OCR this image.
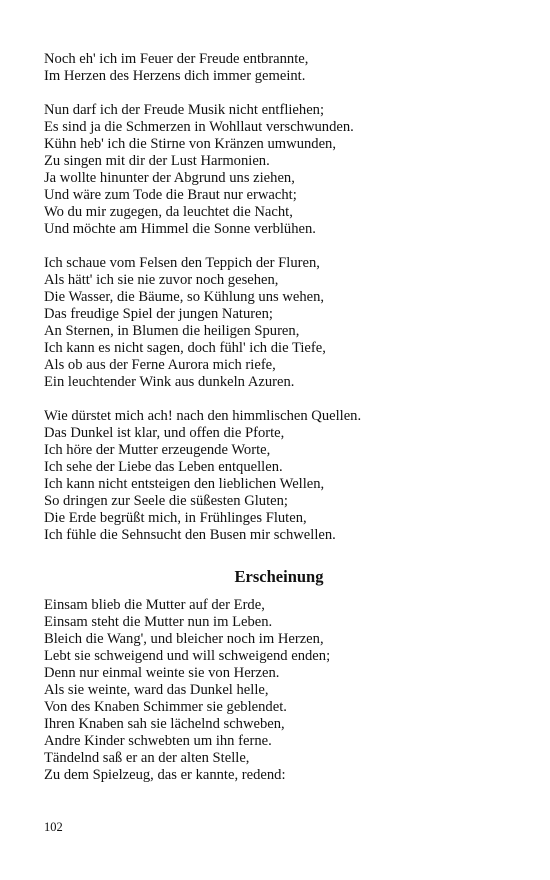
Noch eh' ich im Feuer der Freude entbrannte,
Im Herzen des Herzens dich immer gemeint.
Nun darf ich der Freude Musik nicht entfliehen;
Es sind ja die Schmerzen in Wohllaut verschwunden.
Kühn heb' ich die Stirne von Kränzen umwunden,
Zu singen mit dir der Lust Harmonien.
Ja wollte hinunter der Abgrund uns ziehen,
Und wäre zum Tode die Braut nur erwacht;
Wo du mir zugegen, da leuchtet die Nacht,
Und möchte am Himmel die Sonne verblühen.
Ich schaue vom Felsen den Teppich der Fluren,
Als hätt' ich sie nie zuvor noch gesehen,
Die Wasser, die Bäume, so Kühlung uns wehen,
Das freudige Spiel der jungen Naturen;
An Sternen, in Blumen die heiligen Spuren,
Ich kann es nicht sagen, doch fühl' ich die Tiefe,
Als ob aus der Ferne Aurora mich riefe,
Ein leuchtender Wink aus dunkeln Azuren.
Wie dürstet mich ach! nach den himmlischen Quellen.
Das Dunkel ist klar, und offen die Pforte,
Ich höre der Mutter erzeugende Worte,
Ich sehe der Liebe das Leben entquellen.
Ich kann nicht entsteigen den lieblichen Wellen,
So dringen zur Seele die süßesten Gluten;
Die Erde begrüßt mich, in Frühlinges Fluten,
Ich fühle die Sehnsucht den Busen mir schwellen.
Erscheinung
Einsam blieb die Mutter auf der Erde,
Einsam steht die Mutter nun im Leben.
Bleich die Wang', und bleicher noch im Herzen,
Lebt sie schweigend und will schweigend enden;
Denn nur einmal weinte sie von Herzen.
Als sie weinte, ward das Dunkel helle,
Von des Knaben Schimmer sie geblendet.
Ihren Knaben sah sie lächelnd schweben,
Andre Kinder schwebten um ihn ferne.
Tändelnd saß er an der alten Stelle,
Zu dem Spielzeug, das er kannte, redend:
102
